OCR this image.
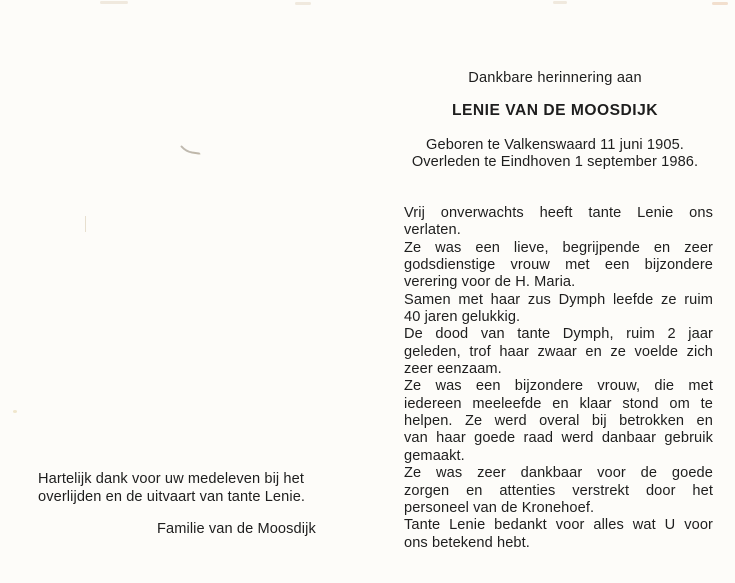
Dankbare herinnering aan
LENIE VAN DE MOOSDIJK
Geboren te Valkenswaard 11 juni 1905.
Overleden te Eindhoven 1 september 1986.
Vrij onverwachts heeft tante Lenie ons
verlaten.
Ze was een lieve, begrijpende en zeer
godsdienstige vrouw met een bijzondere
verering voor de H. Maria.
Samen met haar zus Dymph leefde ze ruim
40 jaren gelukkig.
De dood van tante Dymph, ruim 2 jaar
geleden, trof haar zwaar en ze voelde zich
zeer eenzaam.
Ze was een bijzondere vrouw, die met
iedereen meeleefde en klaar stond om te
helpen. Ze werd overal bij betrokken en
van haar goede raad werd danbaar gebruik
gemaakt.
Ze was zeer dankbaar voor de goede
zorgen en attenties verstrekt door het
personeel van de Kronehoef.
Tante Lenie bedankt voor alles wat U voor
ons betekend hebt.
Hartelijk dank voor uw medeleven bij het
overlijden en de uitvaart van tante Lenie.
Familie van de Moosdijk
